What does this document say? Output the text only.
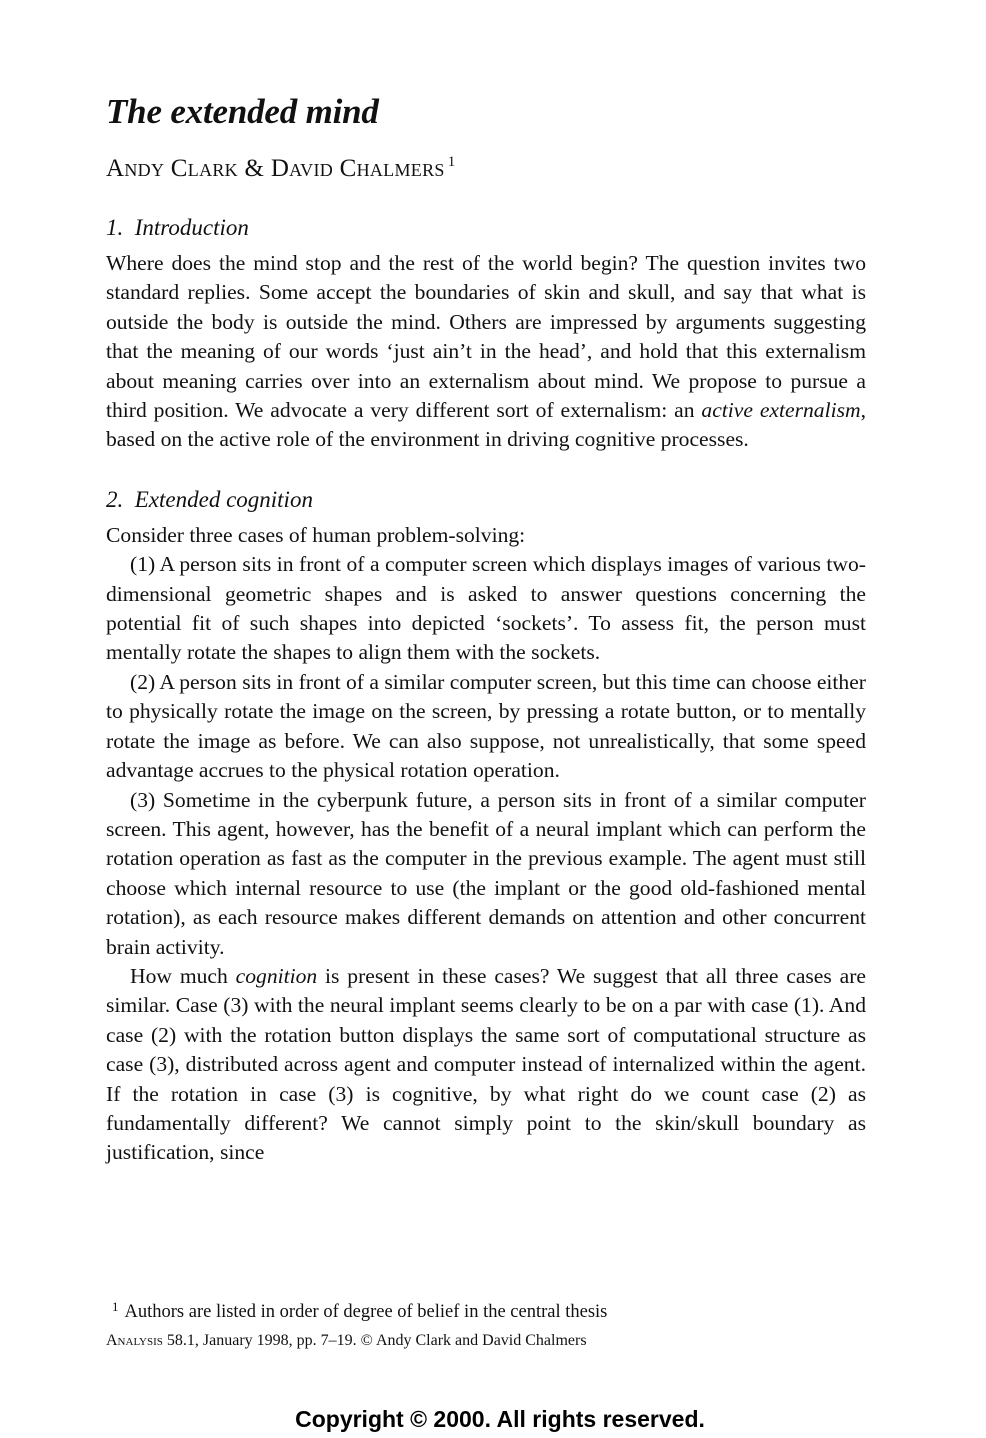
The extended mind
Andy Clark & David Chalmers $^1$
1. Introduction

Where does the mind stop and the rest of the world begin? The question invites two standard replies. Some accept the boundaries of skin and skull, and say that what is outside the body is outside the mind. Others are impressed by arguments suggesting that the meaning of our words ‘just ain’t in the head’, and hold that this externalism about meaning carries over into an externalism about mind. We propose to pursue a third position. We advocate a very different sort of externalism: an active externalism, based on the active role of the environment in driving cognitive processes.

2. Extended cognition

Consider three cases of human problem-solving:

(1) A person sits in front of a computer screen which displays images of various two-dimensional geometric shapes and is asked to answer questions concerning the potential fit of such shapes into depicted ‘sockets’. To assess fit, the person must mentally rotate the shapes to align them with the sockets.

(2) A person sits in front of a similar computer screen, but this time can choose either to physically rotate the image on the screen, by pressing a rotate button, or to mentally rotate the image as before. We can also suppose, not unrealistically, that some speed advantage accrues to the physical rotation operation.

(3) Sometime in the cyberpunk future, a person sits in front of a similar computer screen. This agent, however, has the benefit of a neural implant which can perform the rotation operation as fast as the computer in the previous example. The agent must still choose which internal resource to use (the implant or the good old-fashioned mental rotation), as each resource makes different demands on attention and other concurrent brain activity.

How much cognition is present in these cases? We suggest that all three cases are similar. Case (3) with the neural implant seems clearly to be on a par with case (1). And case (2) with the rotation button displays the same sort of computational structure as case (3), distributed across agent and computer instead of internalized within the agent. If the rotation in case (3) is cognitive, by what right do we count case (2) as fundamentally different? We cannot simply point to the skin/skull boundary as justification, since

$^1$ Authors are listed in order of degree of belief in the central thesis
Analysis 58.1, January 1998, pp. 7–19. © Andy Clark and David Chalmers
Copyright © 2000. All rights reserved.
